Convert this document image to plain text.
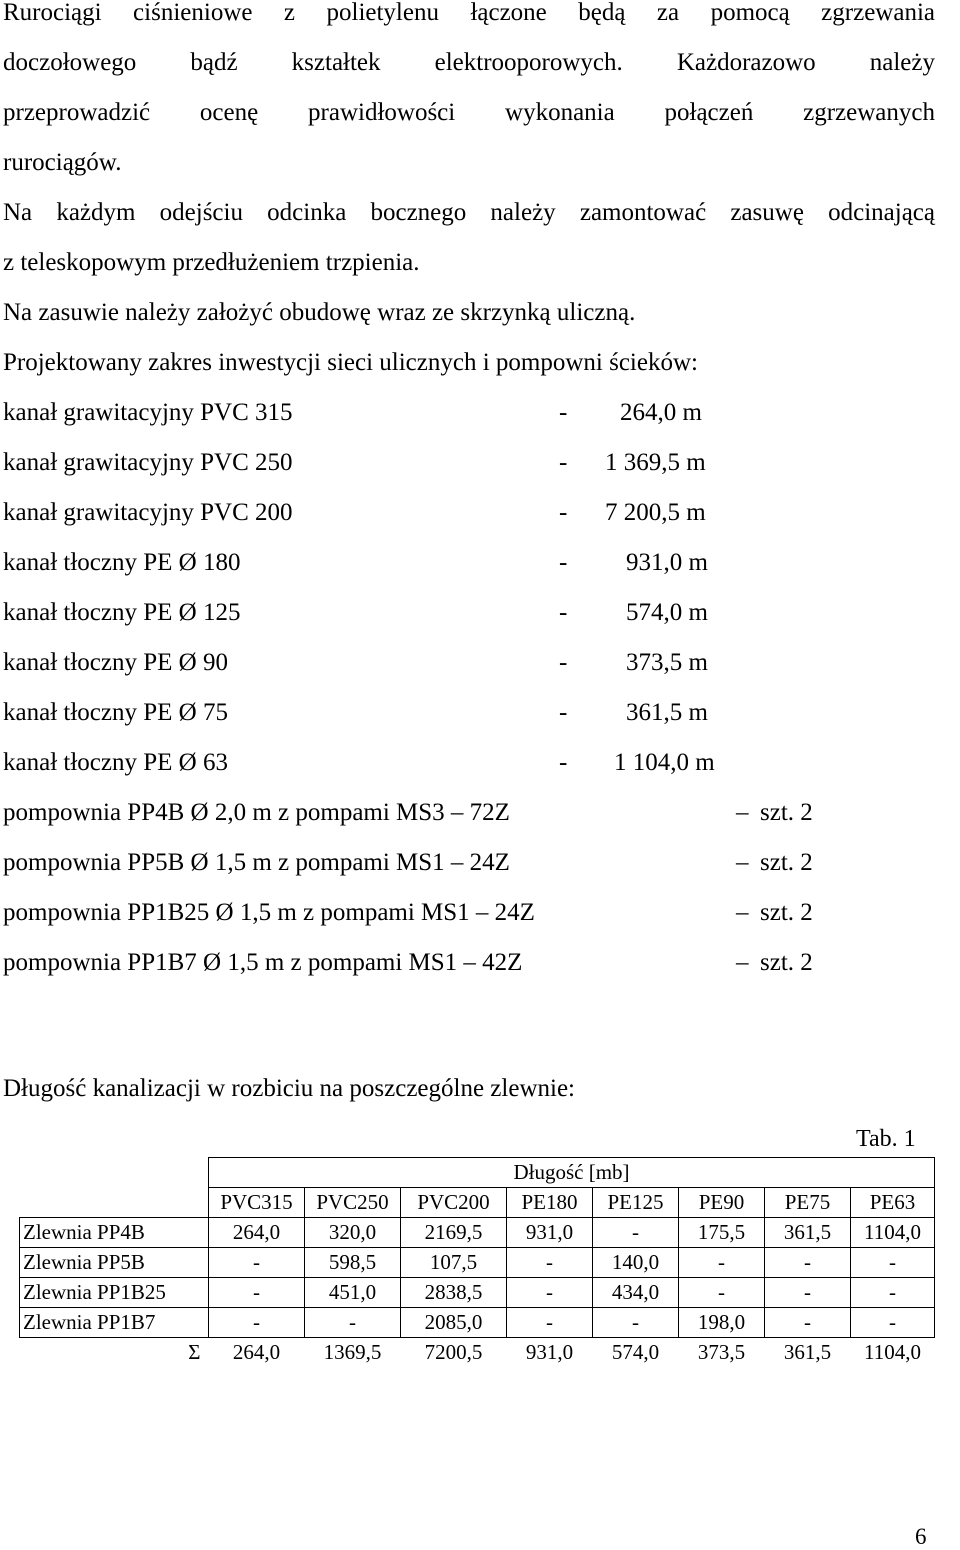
Rurociągi ciśnieniowe z polietylenu łączone będą za pomocą zgrzewania
doczołowego bądź kształtek elektrooporowych. Każdorazowo należy
przeprowadzić ocenę prawidłowości wykonania połączeń zgrzewanych
rurociągów.
Na każdym odejściu odcinka bocznego należy zamontować zasuwę odcinającą
z teleskopowym przedłużeniem trzpienia.
Na zasuwie należy założyć obudowę wraz ze skrzynką uliczną.
Projektowany zakres inwestycji sieci ulicznych i pompowni ścieków:
kanał grawitacyjny PVC 315	- 264,0 m
kanał grawitacyjny PVC 250	- 1 369,5 m
kanał grawitacyjny PVC 200	- 7 200,5 m
kanał tłoczny PE Ø 180	- 931,0 m
kanał tłoczny PE Ø 125	- 574,0 m
kanał tłoczny PE Ø 90	- 373,5 m
kanał tłoczny PE Ø 75	- 361,5 m
kanał tłoczny PE Ø 63	- 1 104,0 m
pompownia PP4B Ø 2,0 m z pompami MS3 – 72Z	– szt. 2
pompownia PP5B Ø 1,5 m z pompami MS1 – 24Z	– szt. 2
pompownia PP1B25 Ø 1,5 m z pompami MS1 – 24Z	– szt. 2
pompownia PP1B7 Ø 1,5 m z pompami MS1 – 42Z	– szt. 2
Długość kanalizacji w rozbiciu na poszczególne zlewnie:
Tab. 1
	Długość [mb]							
	PVC315	PVC250	PVC200	PE180	PE125	PE90	PE75	PE63
Zlewnia PP4B	264,0	320,0	2169,5	931,0	-	175,5	361,5	1104,0
Zlewnia PP5B	-	598,5	107,5	-	140,0	-	-	-
Zlewnia PP1B25	-	451,0	2838,5	-	434,0	-	-	-
Zlewnia PP1B7	-	-	2085,0	-	-	198,0	-	-
Σ	264,0	1369,5	7200,5	931,0	574,0	373,5	361,5	1104,0
6
